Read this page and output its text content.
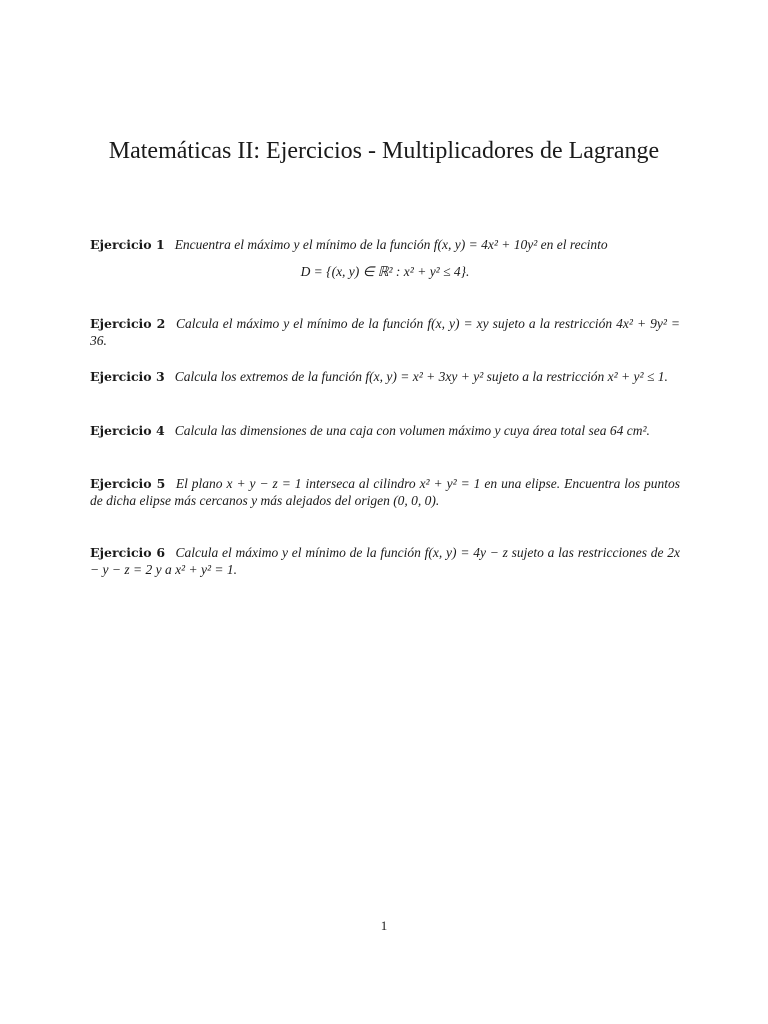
Matemáticas II: Ejercicios - Multiplicadores de Lagrange
Ejercicio 1 Encuentra el máximo y el mínimo de la función f(x, y) = 4x² + 10y² en el recinto
D = {(x, y) ∈ ℝ² : x² + y² ≤ 4}.
Ejercicio 2 Calcula el máximo y el mínimo de la función f(x, y) = xy sujeto a la restricción 4x² + 9y² = 36.
Ejercicio 3 Calcula los extremos de la función f(x, y) = x² + 3xy + y² sujeto a la restricción x² + y² ≤ 1.
Ejercicio 4 Calcula las dimensiones de una caja con volumen máximo y cuya área total sea 64 cm².
Ejercicio 5 El plano x + y − z = 1 interseca al cilindro x² + y² = 1 en una elipse. Encuentra los puntos de dicha elipse más cercanos y más alejados del origen (0, 0, 0).
Ejercicio 6 Calcula el máximo y el mínimo de la función f(x, y) = 4y − z sujeto a las restricciones de 2x − y − z = 2 y a x² + y² = 1.
1
